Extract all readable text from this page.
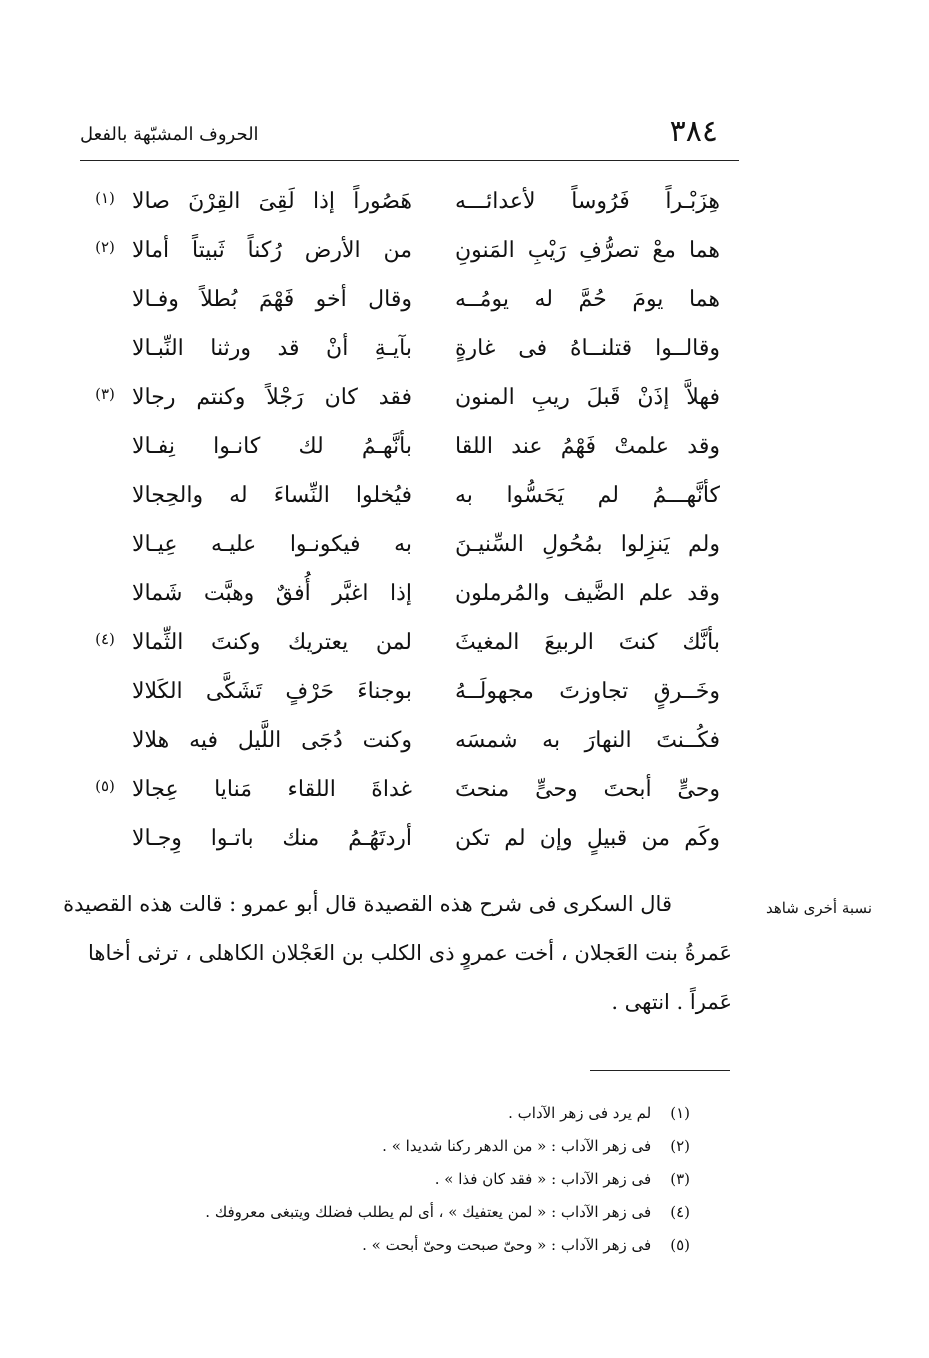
٣٨٤
الحروف المشبّهة بالفعل
هِزَبْـراً فَرُوساً لأعدائـــه
هَصُوراً إذا لَقِىَ القِرْنَ صالا
(١)
هما معْ تصرُّفِ رَيْبِ المَنونِ
من الأرض رُكناً ثَبيتاً أمالا
(٢)
هما يومَ حُمَّ له يومُــه
وقال أخو فَهْمَ بُطلاً وفـالا
وقالــوا قتلنــاهُ فى غارةٍ
بآيـةِ أنْ قد ورثنا النِّبـالا
فهلاَّ إذَنْ قَبلَ ريبِ المنون
فقد كان رَجْلاً وكنتم رجالا
(٣)
وقد علمتْ فَهْمُ عند اللقا
بأنَّهـمُ لك كانـوا نِفـالا
كأنَّهـــمُ لم يَحَسُّوا به
فيُخلوا النِّساءَ له والحِجالا
ولم يَنزِلوا بمُحُولِ السِّنيـنَ
به فيكونـوا عليـه عِيـالا
وقد علم الضَّيف والمُرملون
إذا اغبَّر أُفقٌ وهبَّت شَمالا
بأنَّك كنتَ الربيعَ المغيثَ
لمن يعتريك وكنتَ الثِّمالا
(٤)
وخَــرقٍ تجاوزتَ مجهولَــهُ
بوجناءَ حَرْفٍ تَشَكَّى الكَلالا
فكُــنتَ النهارَ به شمسَه
وكنت دُجَى اللَّيل فيه هلالا
وحىٍّ أبحتَ وحىٍّ منحتَ
غداةَ اللقاء مَنايا عِجالا
(٥)
وكَم من قبيلٍ وإن لم تكن
أردتَهُـمُ منك باتـوا وِجـالا
نسبة أخرى شاهد
قال السكرى فى شرح هذه القصيدة قال أبو عمرو : قالت هذه القصيدة
عَمرةُ بنت العَجلان ، أخت عمروٍ ذى الكلب بن العَجْلان الكاهلى ، ترثى أخاها
عَمراً . انتهى .
(١) لم يرد فى زهر الآداب .
(٢) فى زهر الآداب : « من الدهر ركنا شديدا » .
(٣) فى زهر الآداب : « فقد كان فذا » .
(٤) فى زهر الآداب : « لمن يعتفيك » ، أى لم يطلب فضلك ويتبغى معروفك .
(٥) فى زهر الآداب : « وحىّ صبحت وحىّ أبحت » .
